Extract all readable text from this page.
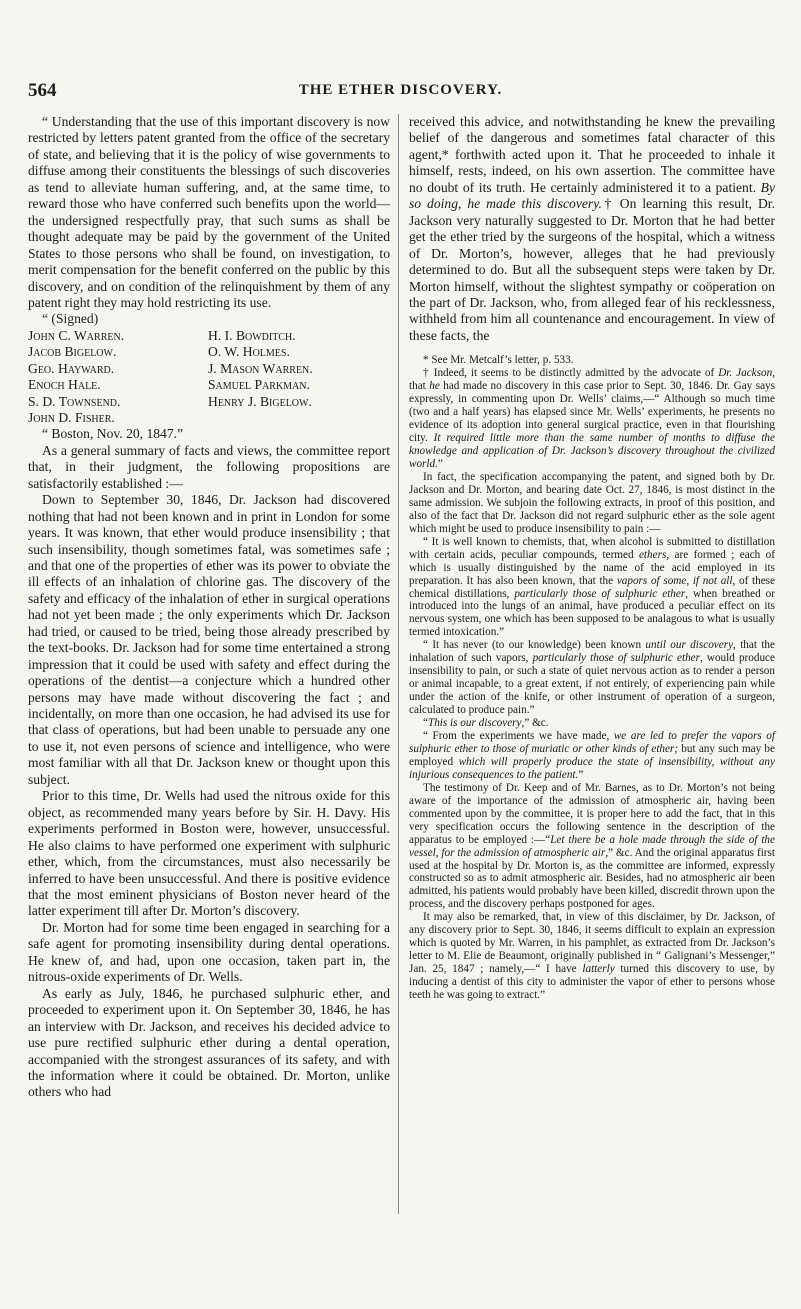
564	THE ETHER DISCOVERY.

“ Understanding that the use of this important discovery is now restricted by letters patent granted from the office of the secretary of state, and believing that it is the policy of wise governments to diffuse among their constituents the blessings of such discoveries as tend to alleviate human suffering, and, at the same time, to reward those who have conferred such benefits upon the world—the undersigned respectfully pray, that such sums as shall be thought adequate may be paid by the government of the United States to those persons who shall be found, on investigation, to merit compensation for the benefit conferred on the public by this discovery, and on condition of the relinquishment by them of any patent right they may hold restricting its use.

“ (Signed)

John C. Warren.	H. I. Bowditch.
Jacob Bigelow.	O. W. Holmes.
Geo. Hayward.	J. Mason Warren.
Enoch Hale.	Samuel Parkman.
S. D. Townsend.	Henry J. Bigelow.
John D. Fisher.

“ Boston, Nov. 20, 1847.”

As a general summary of facts and views, the committee report that, in their judgment, the following propositions are satisfactorily established :—

Down to September 30, 1846, Dr. Jackson had discovered nothing that had not been known and in print in London for some years. It was known, that ether would produce insensibility ; that such insensibility, though sometimes fatal, was sometimes safe ; and that one of the properties of ether was its power to obviate the ill effects of an inhalation of chlorine gas. The discovery of the safety and efficacy of the inhalation of ether in surgical operations had not yet been made ; the only experiments which Dr. Jackson had tried, or caused to be tried, being those already prescribed by the text-books. Dr. Jackson had for some time entertained a strong impression that it could be used with safety and effect during the operations of the dentist—a conjecture which a hundred other persons may have made without discovering the fact ; and incidentally, on more than one occasion, he had advised its use for that class of operations, but had been unable to persuade any one to use it, not even persons of science and intelligence, who were most familiar with all that Dr. Jackson knew or thought upon this subject.

Prior to this time, Dr. Wells had used the nitrous oxide for this object, as recommended many years before by Sir. H. Davy. His experiments performed in Boston were, however, unsuccessful. He also claims to have performed one experiment with sulphuric ether, which, from the circumstances, must also necessarily be inferred to have been unsuccessful. And there is positive evidence that the most eminent physicians of Boston never heard of the latter experiment till after Dr. Morton’s discovery.

Dr. Morton had for some time been engaged in searching for a safe agent for promoting insensibility during dental operations. He knew of, and had, upon one occasion, taken part in, the nitrous-oxide experiments of Dr. Wells.

As early as July, 1846, he purchased sulphuric ether, and proceeded to experiment upon it. On September 30, 1846, he has an interview with Dr. Jackson, and receives his decided advice to use pure rectified sulphuric ether during a dental operation, accompanied with the strongest assurances of its safety, and with the information where it could be obtained. Dr. Morton, unlike others who had

received this advice, and notwithstanding he knew the prevailing belief of the dangerous and sometimes fatal character of this agent,* forthwith acted upon it. That he proceeded to inhale it himself, rests, indeed, on his own assertion. The committee have no doubt of its truth. He certainly administered it to a patient. By so doing, he made this discovery.† On learning this result, Dr. Jackson very naturally suggested to Dr. Morton that he had better get the ether tried by the surgeons of the hospital, which a witness of Dr. Morton’s, however, alleges that he had previously determined to do. But all the subsequent steps were taken by Dr. Morton himself, without the slightest sympathy or coöperation on the part of Dr. Jackson, who, from alleged fear of his recklessness, withheld from him all countenance and encouragement. In view of these facts, the

* See Mr. Metcalf’s letter, p. 533.

† Indeed, it seems to be distinctly admitted by the advocate of Dr. Jackson, that he had made no discovery in this case prior to Sept. 30, 1846. Dr. Gay says expressly, in commenting upon Dr. Wells’ claims,—“ Although so much time (two and a half years) has elapsed since Mr. Wells’ experiments, he presents no evidence of its adoption into general surgical practice, even in that flourishing city. It required little more than the same number of months to diffuse the knowledge and application of Dr. Jackson’s discovery throughout the civilized world.”

In fact, the specification accompanying the patent, and signed both by Dr. Jackson and Dr. Morton, and bearing date Oct. 27, 1846, is most distinct in the same admission. We subjoin the following extracts, in proof of this position, and also of the fact that Dr. Jackson did not regard sulphuric ether as the sole agent which might be used to produce insensibility to pain :—

“ It is well known to chemists, that, when alcohol is submitted to distillation with certain acids, peculiar compounds, termed ethers, are formed ; each of which is usually distinguished by the name of the acid employed in its preparation. It has also been known, that the vapors of some, if not all, of these chemical distillations, particularly those of sulphuric ether, when breathed or introduced into the lungs of an animal, have produced a peculiar effect on its nervous system, one which has been supposed to be analagous to what is usually termed intoxication.”

“ It has never (to our knowledge) been known until our discovery, that the inhalation of such vapors, particularly those of sulphuric ether, would produce insensibility to pain, or such a state of quiet nervous action as to render a person or animal incapable, to a great extent, if not entirely, of experiencing pain while under the action of the knife, or other instrument of operation of a surgeon, calculated to produce pain.”

“This is our discovery,” &c.

“ From the experiments we have made, we are led to prefer the vapors of sulphuric ether to those of muriatic or other kinds of ether; but any such may be employed which will properly produce the state of insensibility, without any injurious consequences to the patient.”

The testimony of Dr. Keep and of Mr. Barnes, as to Dr. Morton’s not being aware of the importance of the admission of atmospheric air, having been commented upon by the committee, it is proper here to add the fact, that in this very specification occurs the following sentence in the description of the apparatus to be employed :—“Let there be a hole made through the side of the vessel, for the admission of atmospheric air,” &c. And the original apparatus first used at the hospital by Dr. Morton is, as the committee are informed, expressly constructed so as to admit atmospheric air. Besides, had no atmospheric air been admitted, his patients would probably have been killed, discredit thrown upon the process, and the discovery perhaps postponed for ages.

It may also be remarked, that, in view of this disclaimer, by Dr. Jackson, of any discovery prior to Sept. 30, 1846, it seems difficult to explain an expression which is quoted by Mr. Warren, in his pamphlet, as extracted from Dr. Jackson’s letter to M. Elie de Beaumont, originally published in “ Galignani’s Messenger,” Jan. 25, 1847 ; namely,—“ I have latterly turned this discovery to use, by inducing a dentist of this city to administer the vapor of ether to persons whose teeth he was going to extract.”
